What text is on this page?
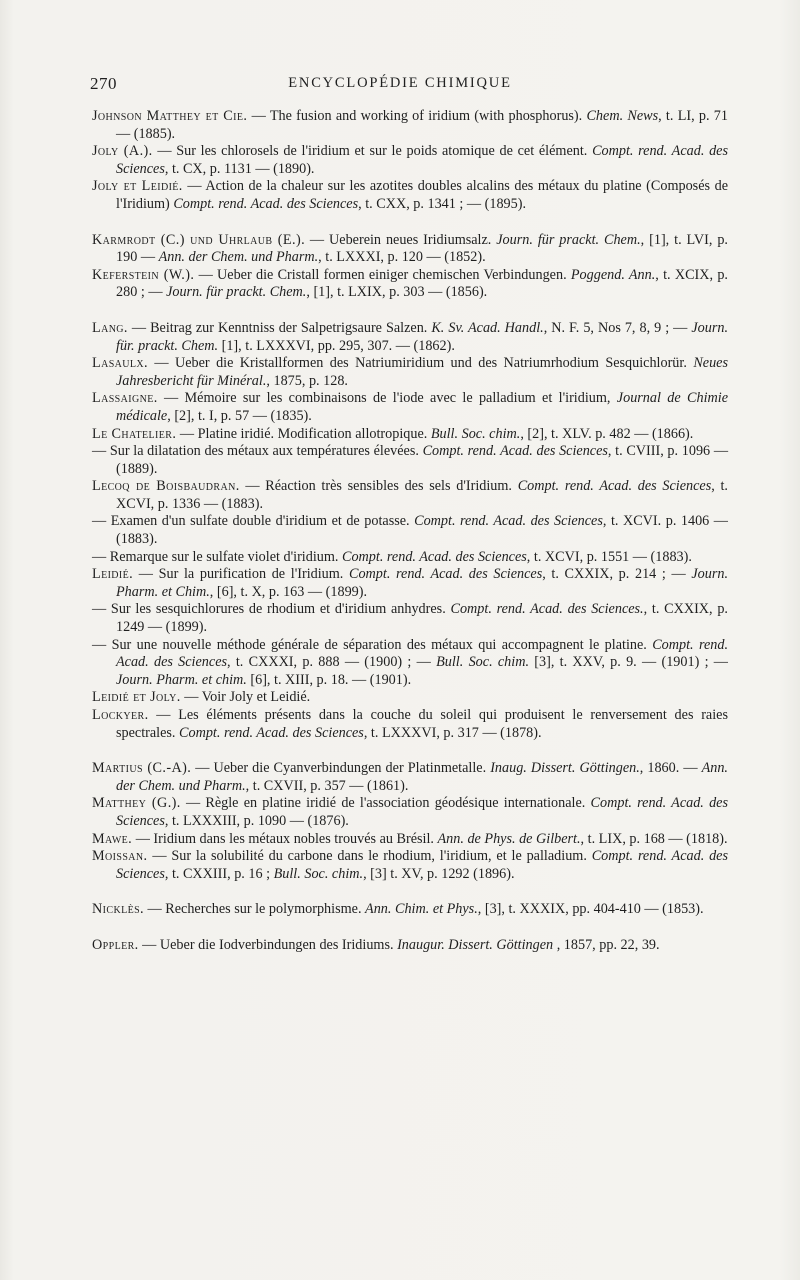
270	ENCYCLOPÉDIE CHIMIQUE
Johnson Matthey et Cie. — The fusion and working of iridium (with phosphorus). Chem. News, t. LI, p. 71 — (1885).
Joly (A.). — Sur les chlorosels de l'iridium et sur le poids atomique de cet élément. Compt. rend. Acad. des Sciences, t. CX, p. 1131 — (1890).
Joly et Leidié. — Action de la chaleur sur les azotites doubles alcalins des métaux du platine (Composés de l'Iridium) Compt. rend. Acad. des Sciences, t. CXX, p. 1341 ; — (1895).
Karmrodt (C.) und Uhrlaub (E.). — Ueberein neues Iridiumsalz. Journ. für prackt. Chem., [1], t. LVI, p. 190 — Ann. der Chem. und Pharm., t. LXXXI, p. 120 — (1852).
Keferstein (W.). — Ueber die Cristall formen einiger chemischen Verbindungen. Poggend. Ann., t. XCIX, p. 280 ; — Journ. für prackt. Chem., [1], t. LXIX, p. 303 — (1856).
Lang. — Beitrag zur Kenntniss der Salpetrigsaure Salzen. K. Sv. Acad. Handl., N. F. 5, Nos 7, 8, 9 ; — Journ. für. prackt. Chem. [1], t. LXXXVI, pp. 295, 307. — (1862).
Lasaulx. — Ueber die Kristallformen des Natriumiridium und des Natriumrhodium Sesquichlorür. Neues Jahresbericht für Minéral., 1875, p. 128.
Lassaigne. — Mémoire sur les combinaisons de l'iode avec le palladium et l'iridium, Journal de Chimie médicale, [2], t. I, p. 57 — (1835).
Le Chatelier. — Platine iridié. Modification allotropique. Bull. Soc. chim., [2], t. XLV. p. 482 — (1866).
— Sur la dilatation des métaux aux températures élevées. Compt. rend. Acad. des Sciences, t. CVIII, p. 1096 — (1889).
Lecoq de Boisbaudran. — Réaction très sensibles des sels d'Iridium. Compt. rend. Acad. des Sciences, t. XCVI, p. 1336 — (1883).
— Examen d'un sulfate double d'iridium et de potasse. Compt. rend. Acad. des Sciences, t. XCVI. p. 1406 — (1883).
— Remarque sur le sulfate violet d'iridium. Compt. rend. Acad. des Sciences, t. XCVI, p. 1551 — (1883).
Leidié. — Sur la purification de l'Iridium. Compt. rend. Acad. des Sciences, t. CXXIX, p. 214 ; — Journ. Pharm. et Chim., [6], t. X, p. 163 — (1899).
— Sur les sesquichlorures de rhodium et d'iridium anhydres. Compt. rend. Acad. des Sciences., t. CXXIX, p. 1249 — (1899).
— Sur une nouvelle méthode générale de séparation des métaux qui accompagnent le platine. Compt. rend. Acad. des Sciences, t. CXXXI, p. 888 — (1900) ; — Bull. Soc. chim. [3], t. XXV, p. 9. — (1901) ; — Journ. Pharm. et chim. [6], t. XIII, p. 18. — (1901).
Leidié et Joly. — Voir Joly et Leidié.
Lockyer. — Les éléments présents dans la couche du soleil qui produisent le renversement des raies spectrales. Compt. rend. Acad. des Sciences, t. LXXXVI, p. 317 — (1878).
Martius (C.-A). — Ueber die Cyanverbindungen der Platinmetalle. Inaug. Dissert. Göttingen., 1860. — Ann. der Chem. und Pharm., t. CXVII, p. 357 — (1861).
Matthey (G.). — Règle en platine iridié de l'association géodésique internationale. Compt. rend. Acad. des Sciences, t. LXXXIII, p. 1090 — (1876).
Mawe. — Iridium dans les métaux nobles trouvés au Brésil. Ann. de Phys. de Gilbert., t. LIX, p. 168 — (1818).
Moissan. — Sur la solubilité du carbone dans le rhodium, l'iridium, et le palladium. Compt. rend. Acad. des Sciences, t. CXXIII, p. 16 ; Bull. Soc. chim., [3] t. XV, p. 1292 (1896).
Nicklès. — Recherches sur le polymorphisme. Ann. Chim. et Phys., [3], t. XXXIX, pp. 404-410 — (1853).
Oppler. — Ueber die Iodverbindungen des Iridiums. Inaugur. Dissert. Göttingen , 1857, pp. 22, 39.
